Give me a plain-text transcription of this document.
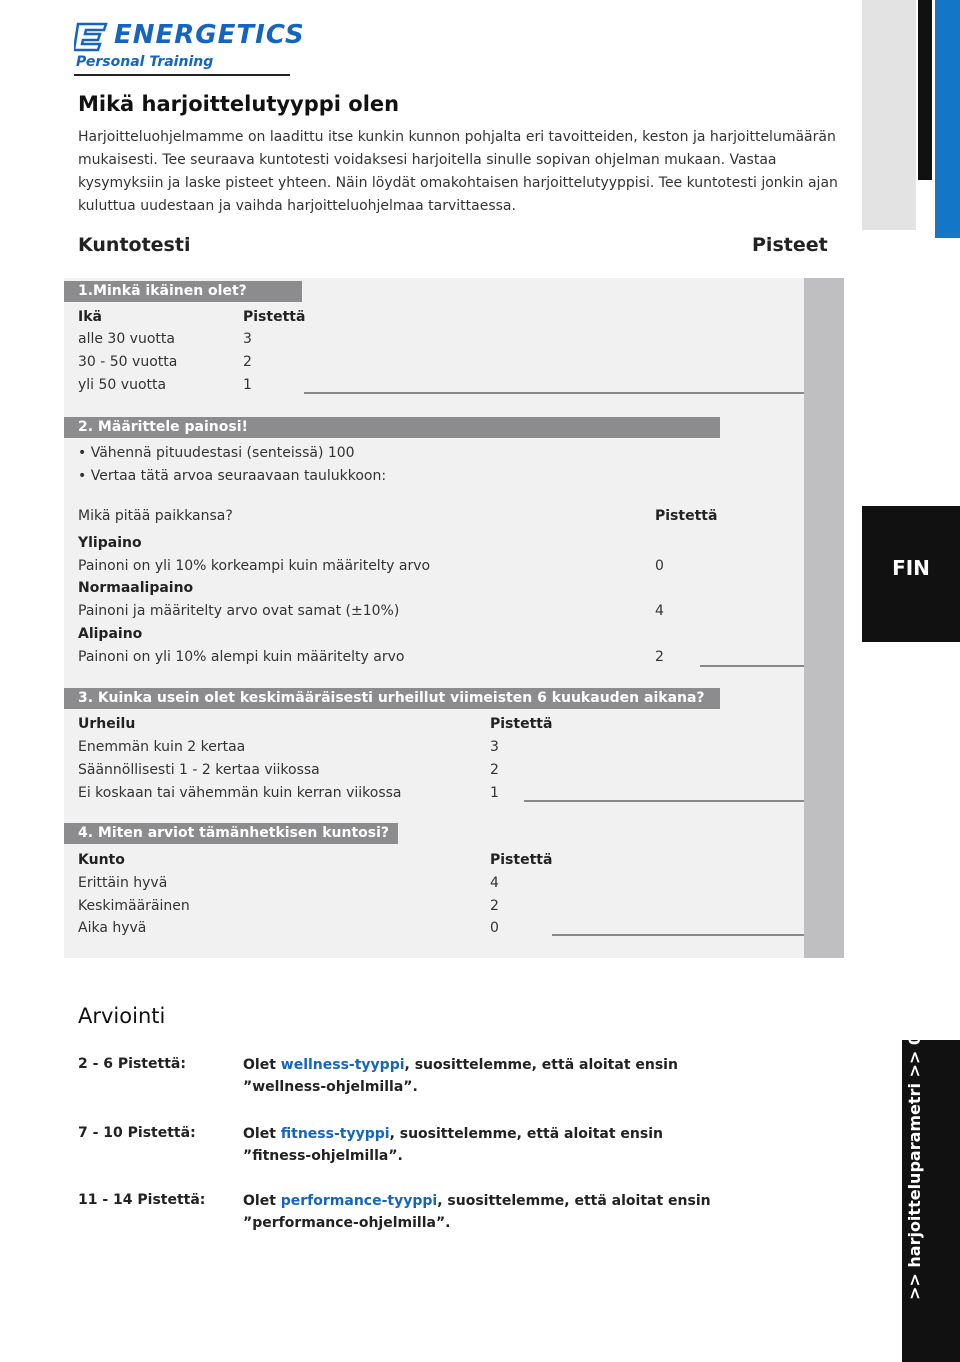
ENERGETICS
Personal Training
FIN
>> harjoitteluparametri >> 005
Mikä harjoittelutyyppi olen

Harjoitteluohjelmamme on laadittu itse kunkin kunnon pohjalta eri tavoitteiden, keston ja harjoittelumäärän mukaisesti. Tee seuraava kuntotesti voidaksesi harjoitella sinulle sopivan ohjelman mukaan. Vastaa kysymyksiin ja laske pisteet yhteen. Näin löydät omakohtaisen harjoittelutyyppisi. Tee kuntotesti jonkin ajan kuluttua uudestaan ja vaihda harjoitteluohjelmaa tarvittaessa.

Kuntotesti	Pisteet
1.Minkä ikäinen olet?
Ikä	Pistettä
alle 30 vuotta	3
30 - 50 vuotta	2
yli 50 vuotta	1
2. Määrittele painosi!
• Vähennä pituudestasi (senteissä) 100
• Vertaa tätä arvoa seuraavaan taulukkoon:
Mikä pitää paikkansa?	Pistettä
Ylipaino
Painoni on yli 10% korkeampi kuin määritelty arvo	0
Normaalipaino
Painoni ja määritelty arvo ovat samat (±10%)	4
Alipaino
Painoni on yli 10% alempi kuin määritelty arvo	2
3. Kuinka usein olet keskimääräisesti urheillut viimeisten 6 kuukauden aikana?
Urheilu	Pistettä
Enemmän kuin 2 kertaa	3
Säännöllisesti 1 - 2 kertaa viikossa	2
Ei koskaan tai vähemmän kuin kerran viikossa	1
4. Miten arviot tämänhetkisen kuntosi?
Kunto	Pistettä
Erittäin hyvä	4
Keskimääräinen	2
Aika hyvä	0
Arviointi
2 - 6 Pistettä:	Olet wellness-tyyppi, suosittelemme, että aloitat ensin
”wellness-ohjelmilla”.
7 - 10 Pistettä:	Olet fitness-tyyppi, suosittelemme, että aloitat ensin
”fitness-ohjelmilla”.
11 - 14 Pistettä:	Olet performance-tyyppi, suosittelemme, että aloitat ensin
”performance-ohjelmilla”.
